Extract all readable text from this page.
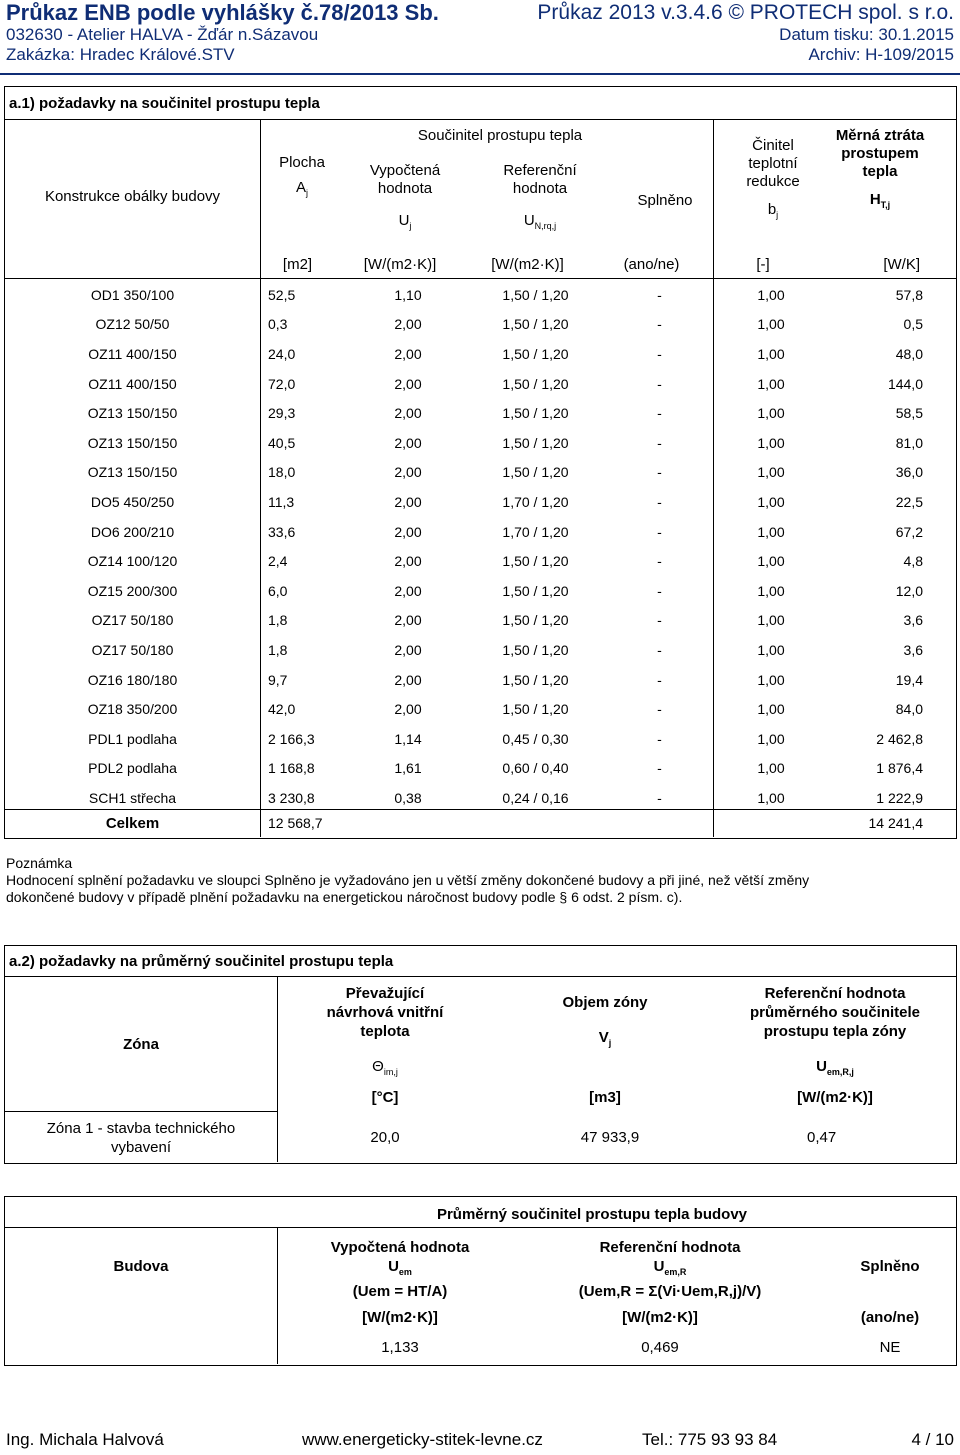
Průkaz ENB podle vyhlášky č.78/2013 Sb.
032630 - Atelier HALVA - Žďár n.Sázavou
Zakázka: Hradec Králové.STV
Průkaz 2013 v.3.4.6 © PROTECH spol. s r.o.
Datum tisku: 30.1.2015
Archiv: H-109/2015
a.1) požadavky na součinitel prostupu tepla
Konstrukce obálky budovy
Plocha
$A_j$
Součinitel prostupu tepla
Vypočtená hodnota
$U_j$
Referenční hodnota
$U_{N,rq,j}$
Splněno
Činitel teplotní redukce
$b_j$
Měrná ztráta prostupem tepla
$H_{T,j}$
	[m2]	[W/(m2·K)]	[W/(m2·K)]	(ano/ne)	[-]	[W/K]
OD1 350/100	52,5	1,10	1,50 / 1,20	-	1,00	57,8
OZ12 50/50	0,3	2,00	1,50 / 1,20	-	1,00	0,5
OZ11 400/150	24,0	2,00	1,50 / 1,20	-	1,00	48,0
OZ11 400/150	72,0	2,00	1,50 / 1,20	-	1,00	144,0
OZ13 150/150	29,3	2,00	1,50 / 1,20	-	1,00	58,5
OZ13 150/150	40,5	2,00	1,50 / 1,20	-	1,00	81,0
OZ13 150/150	18,0	2,00	1,50 / 1,20	-	1,00	36,0
DO5 450/250	11,3	2,00	1,70 / 1,20	-	1,00	22,5
DO6 200/210	33,6	2,00	1,70 / 1,20	-	1,00	67,2
OZ14 100/120	2,4	2,00	1,50 / 1,20	-	1,00	4,8
OZ15 200/300	6,0	2,00	1,50 / 1,20	-	1,00	12,0
OZ17 50/180	1,8	2,00	1,50 / 1,20	-	1,00	3,6
OZ17 50/180	1,8	2,00	1,50 / 1,20	-	1,00	3,6
OZ16 180/180	9,7	2,00	1,50 / 1,20	-	1,00	19,4
OZ18 350/200	42,0	2,00	1,50 / 1,20	-	1,00	84,0
PDL1 podlaha	2 166,3	1,14	0,45 / 0,30	-	1,00	2 462,8
PDL2 podlaha	1 168,8	1,61	0,60 / 0,40	-	1,00	1 876,4
SCH1 střecha	3 230,8	0,38	0,24 / 0,16	-	1,00	1 222,9
Celkem	12 568,7		14 241,4
Poznámka
Hodnocení splnění požadavku ve sloupci Splněno je vyžadováno jen u větší změny dokončené budovy a při jiné, než větší změny dokončené budovy v případě plnění požadavku na energetickou náročnost budovy podle § 6 odst. 2 písm. c).
a.2) požadavky na průměrný součinitel prostupu tepla
Zóna
Převažující návrhová vnitřní teplota
$\Theta_{im,j}$
Objem zóny
$V_j$
Referenční hodnota průměrného součinitele prostupu tepla zóny
$U_{em,R,j}$
[°C]	[m3]	[W/(m2·K)]
Zóna 1 - stavba technického vybavení
20,0	47 933,9	0,47
Průměrný součinitel prostupu tepla budovy
Budova
Vypočtená hodnota
$U_{em}$
(Uem = HT/A)
Referenční hodnota
$U_{em,R}$
(Uem,R = Σ(Vi·Uem,R,j)/V)
Splněno
[W/(m2·K)]	[W/(m2·K)]	(ano/ne)
1,133	0,469	NE
Ing. Michala Halvová	www.energeticky-stitek-levne.cz	Tel.: 775 93 93 84	4 / 10
